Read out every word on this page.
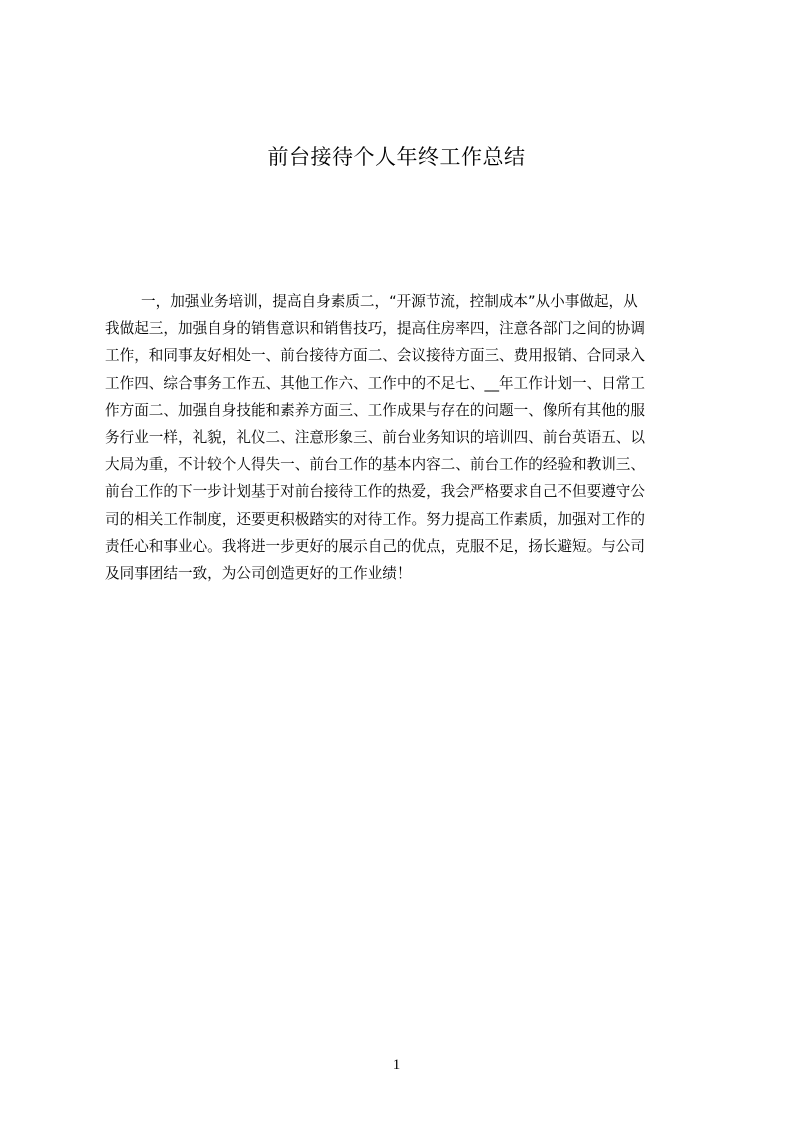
前台接待个人年终工作总结
一，加强业务培训，提高自身素质二，“开源节流，控制成本”从小事做起，从
我做起三，加强自身的销售意识和销售技巧，提高住房率四，注意各部门之间的协调
工作，和同事友好相处一、前台接待方面二、会议接待方面三、费用报销、合同录入
工作四、综合事务工作五、其他工作六、工作中的不足七、__年工作计划一、日常工
作方面二、加强自身技能和素养方面三、工作成果与存在的问题一、像所有其他的服
务行业一样，礼貌，礼仪二、注意形象三、前台业务知识的培训四、前台英语五、以
大局为重，不计较个人得失一、前台工作的基本内容二、前台工作的经验和教训三、
前台工作的下一步计划基于对前台接待工作的热爱，我会严格要求自己不但要遵守公
司的相关工作制度，还要更积极踏实的对待工作。努力提高工作素质，加强对工作的
责任心和事业心。我将进一步更好的展示自己的优点，克服不足，扬长避短。与公司
及同事团结一致，为公司创造更好的工作业绩！
1
